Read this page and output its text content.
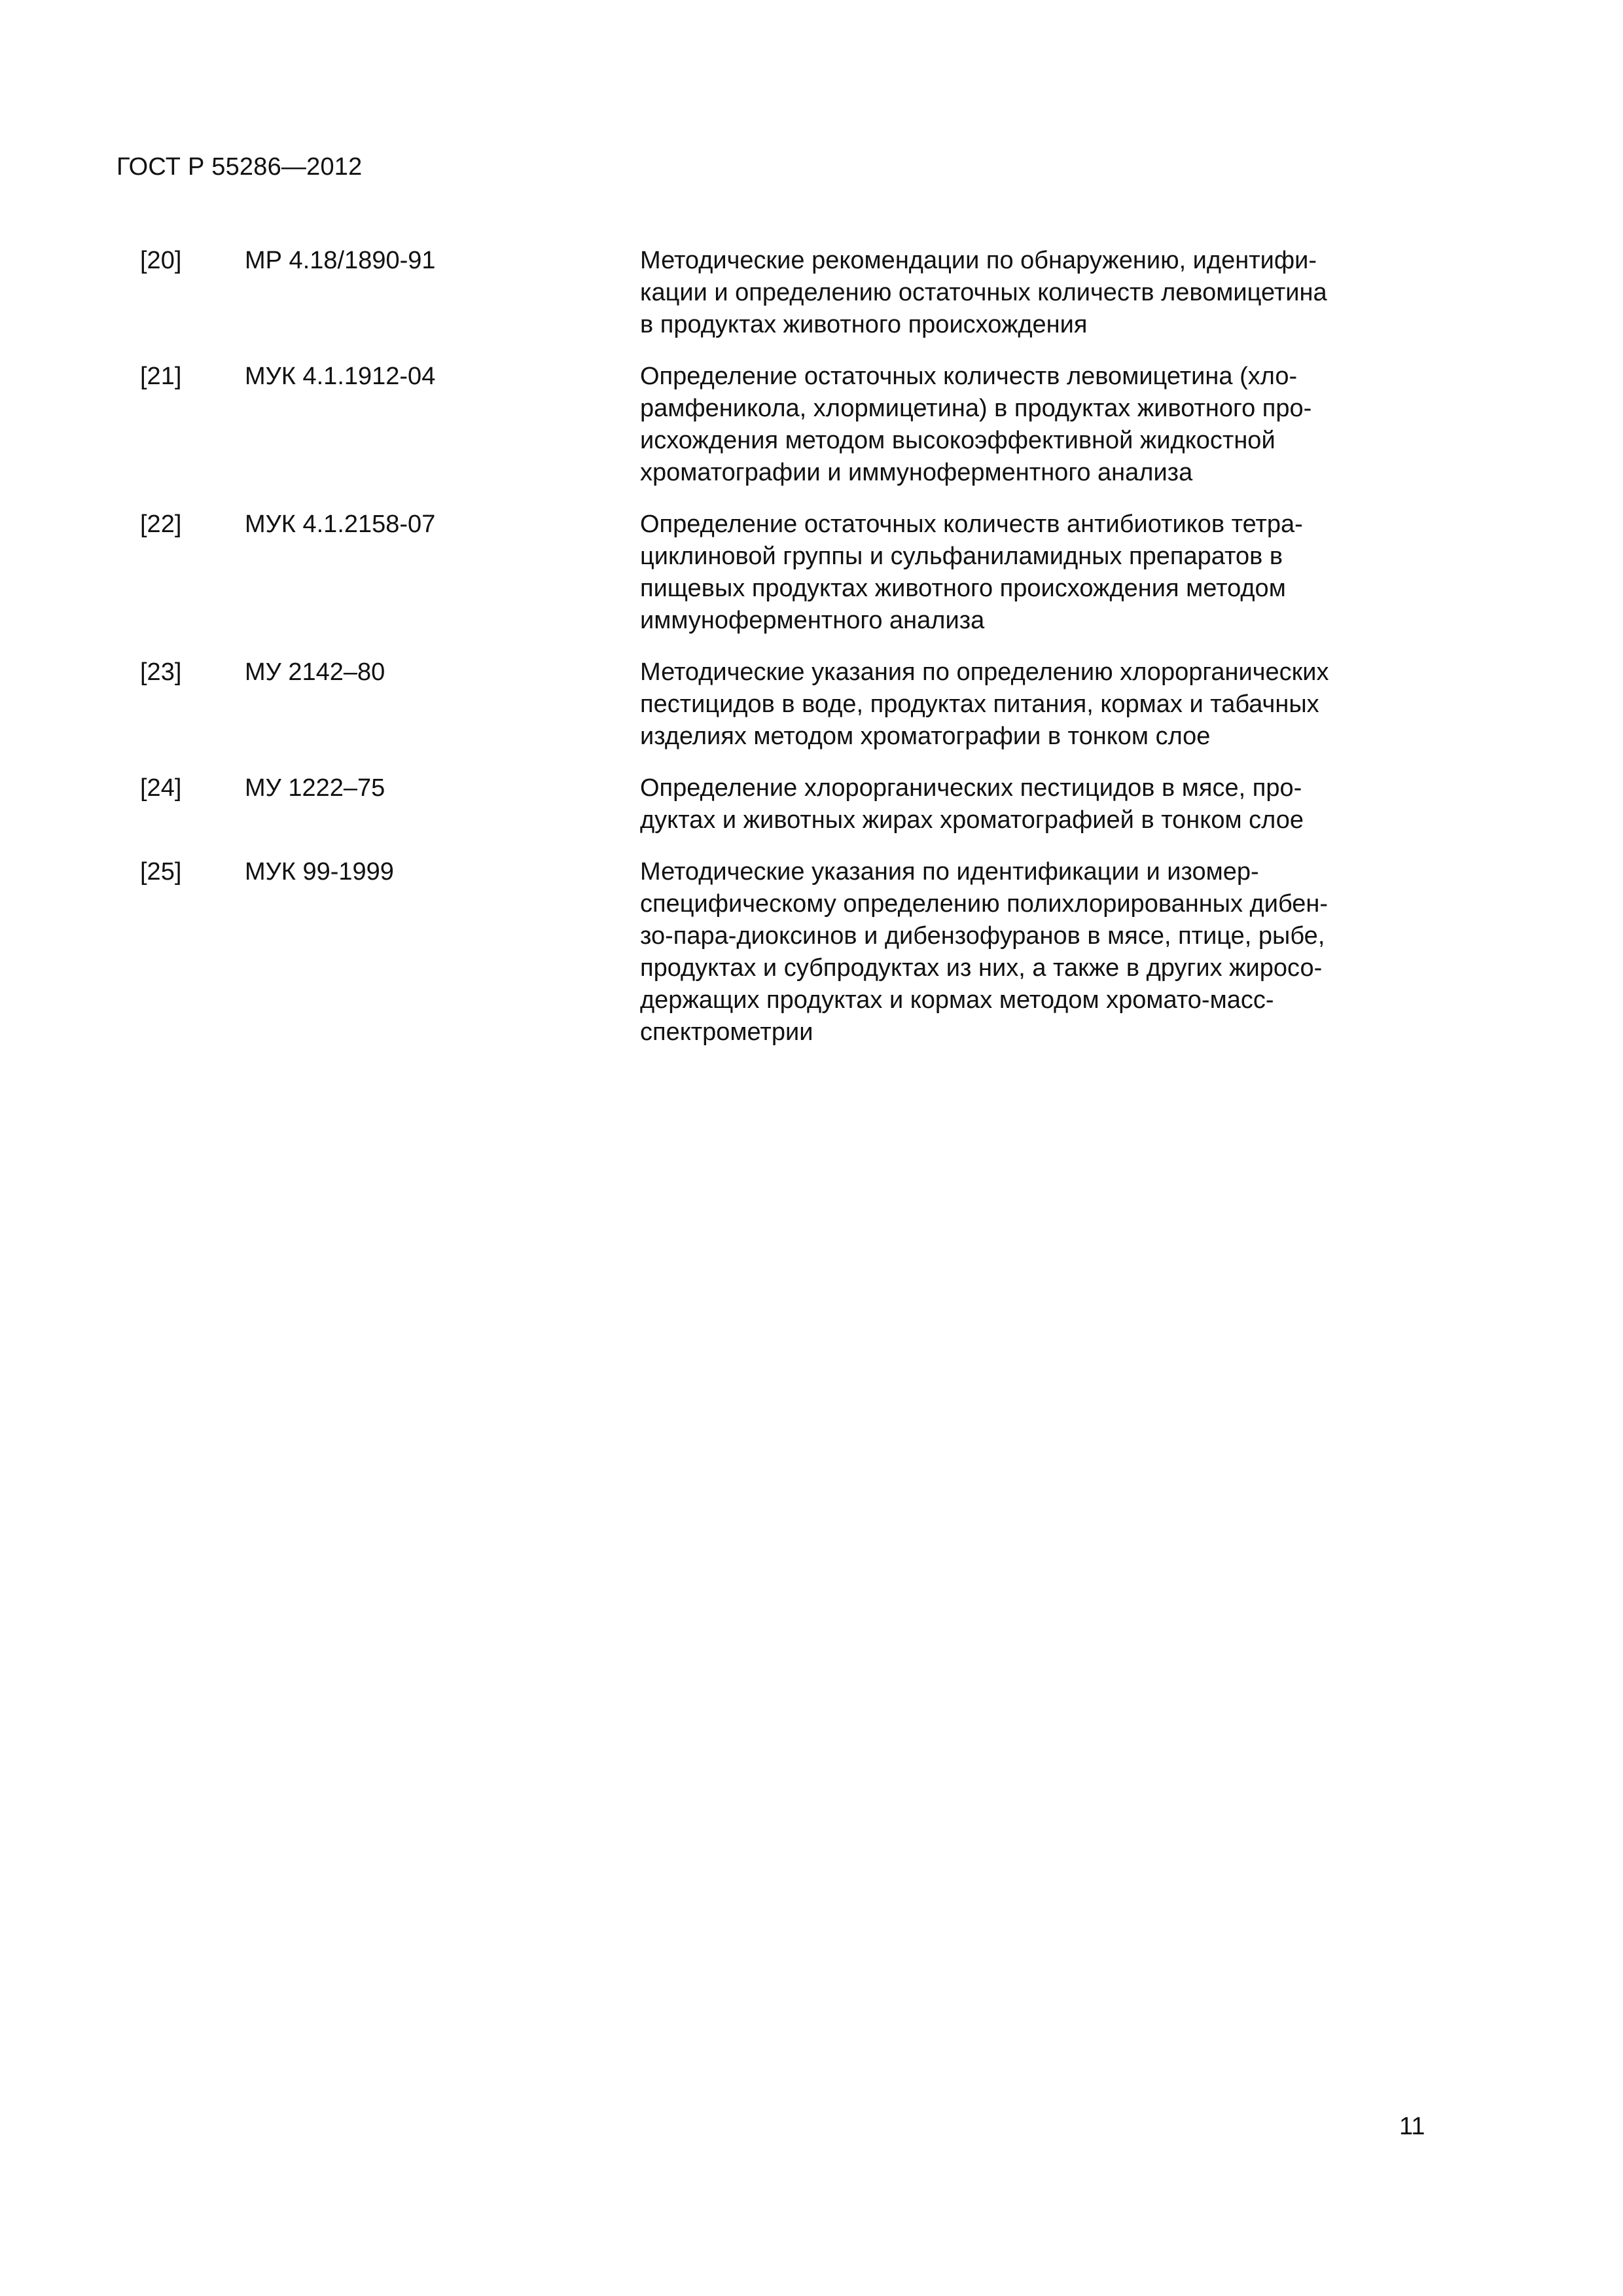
ГОСТ Р 55286—2012
[20]	МР 4.18/1890-91	Методические рекомендации по обнаружению, идентифи-
кации и определению остаточных количеств левомицетина
в продуктах животного происхождения
[21]	МУК 4.1.1912-04	Определение остаточных количеств левомицетина (хло-
рамфеникола, хлормицетина) в продуктах животного про-
исхождения методом высокоэффективной жидкостной
хроматографии и иммуноферментного анализа
[22]	МУК 4.1.2158-07	Определение остаточных количеств антибиотиков тетра-
циклиновой группы и сульфаниламидных препаратов в
пищевых продуктах животного происхождения методом
иммуноферментного анализа
[23]	МУ 2142–80	Методические указания по определению хлорорганических
пестицидов в воде, продуктах питания, кормах и табачных
изделиях методом хроматографии в тонком слое
[24]	МУ 1222–75	Определение хлорорганических пестицидов в мясе, про-
дуктах и животных жирах хроматографией в тонком слое
[25]	МУК 99-1999	Методические указания по идентификации и изомер-
специфическому определению полихлорированных дибен-
зо-пара-диоксинов и дибензофуранов в мясе, птице, рыбе,
продуктах и субпродуктах из них, а также в других жиросо-
держащих продуктах и кормах методом хромато-масс-
спектрометрии
11
